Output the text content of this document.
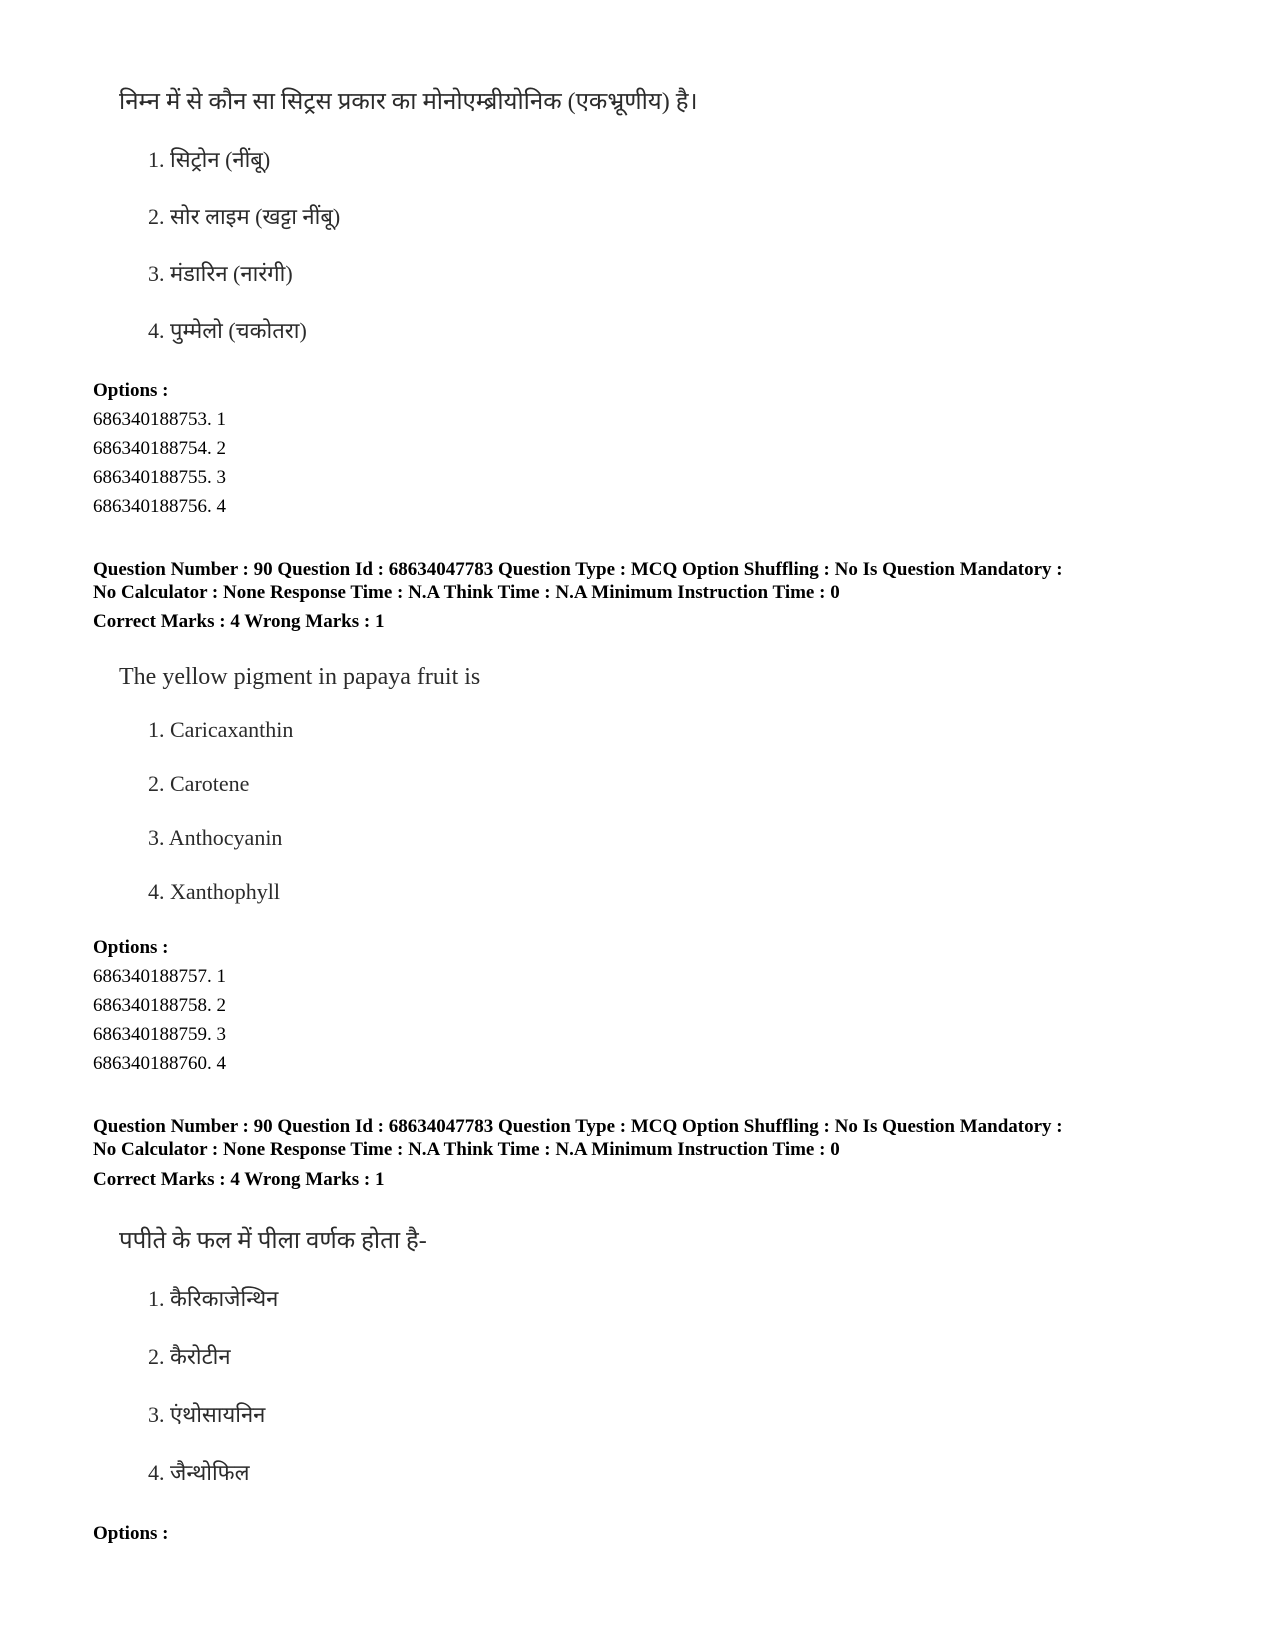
निम्न में से कौन सा सिट्रस प्रकार का मोनोएम्ब्रीयोनिक (एकभ्रूणीय) है।
1. सिट्रोन (नींबू)
2. सोर लाइम (खट्टा नींबू)
3. मंडारिन (नारंगी)
4. पुम्मेलो (चकोतरा)
Options :
686340188753. 1
686340188754. 2
686340188755. 3
686340188756. 4
Question Number : 90 Question Id : 68634047783 Question Type : MCQ Option Shuffling : No Is Question Mandatory :
No Calculator : None Response Time : N.A Think Time : N.A Minimum Instruction Time : 0
Correct Marks : 4 Wrong Marks : 1
The yellow pigment in papaya fruit is
1. Caricaxanthin
2. Carotene
3. Anthocyanin
4. Xanthophyll
Options :
686340188757. 1
686340188758. 2
686340188759. 3
686340188760. 4
Question Number : 90 Question Id : 68634047783 Question Type : MCQ Option Shuffling : No Is Question Mandatory :
No Calculator : None Response Time : N.A Think Time : N.A Minimum Instruction Time : 0
Correct Marks : 4 Wrong Marks : 1
पपीते के फल में पीला वर्णक होता है-
1. कैरिकाजेन्थिन
2. कैरोटीन
3. एंथोसायनिन
4. जैन्थोफिल
Options :
